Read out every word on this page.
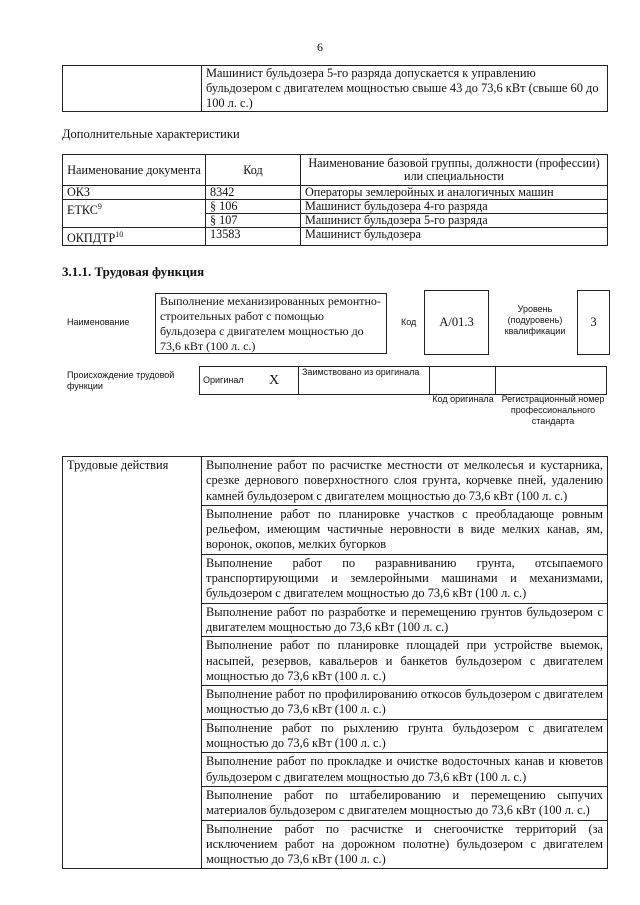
6
	Машинист бульдозера 5-го разряда допускается к управлению бульдозером с двигателем мощностью свыше 43 до 73,6 кВт (свыше 60 до 100 л. с.)
Дополнительные характеристики
Наименование документа	Код	Наименование базовой группы, должности (профессии) или специальности
ОКЗ	8342	Операторы землеройных и аналогичных машин
ЕТКС$^9$	§ 106	Машинист бульдозера 4-го разряда
	§ 107	Машинист бульдозера 5-го разряда
ОКПДТР$^{10}$	13583	Машинист бульдозера
3.1.1. Трудовая функция
Наименование
Выполнение механизированных ремонтно-строительных работ с помощью бульдозера с двигателем мощностью до 73,6 кВт (100 л. с.)
Код	A/01.3
Уровень (подуровень) квалификации
3
Происхождение трудовой функции
Оригинал	X	Заимствовано из оригинала		
Код оригинала Регистрационный номер профессионального стандарта
Трудовые действия	Выполнение работ по расчистке местности от мелколесья и кустарника, срезке дернового поверхностного слоя грунта, корчевке пней, удалению камней бульдозером с двигателем мощностью до 73,6 кВт (100 л. с.)
Выполнение работ по планировке участков с преобладающе ровным рельефом, имеющим частичные неровности в виде мелких канав, ям, воронок, окопов, мелких бугорков
Выполнение работ по разравниванию грунта, отсыпаемого транспортирующими и землеройными машинами и механизмами, бульдозером с двигателем мощностью до 73,6 кВт (100 л. с.)
Выполнение работ по разработке и перемещению грунтов бульдозером с двигателем мощностью до 73,6 кВт (100 л. с.)
Выполнение работ по планировке площадей при устройстве выемок, насыпей, резервов, кавальеров и банкетов бульдозером с двигателем мощностью до 73,6 кВт (100 л. с.)
Выполнение работ по профилированию откосов бульдозером с двигателем мощностью до 73,6 кВт (100 л. с.)
Выполнение работ по рыхлению грунта бульдозером с двигателем мощностью до 73,6 кВт (100 л. с.)
Выполнение работ по прокладке и очистке водосточных канав и кюветов бульдозером с двигателем мощностью до 73,6 кВт (100 л. с.)
Выполнение работ по штабелированию и перемещению сыпучих материалов бульдозером с двигателем мощностью до 73,6 кВт (100 л. с.)
Выполнение работ по расчистке и снегоочистке территорий (за исключением работ на дорожном полотне) бульдозером с двигателем мощностью до 73,6 кВт (100 л. с.)
